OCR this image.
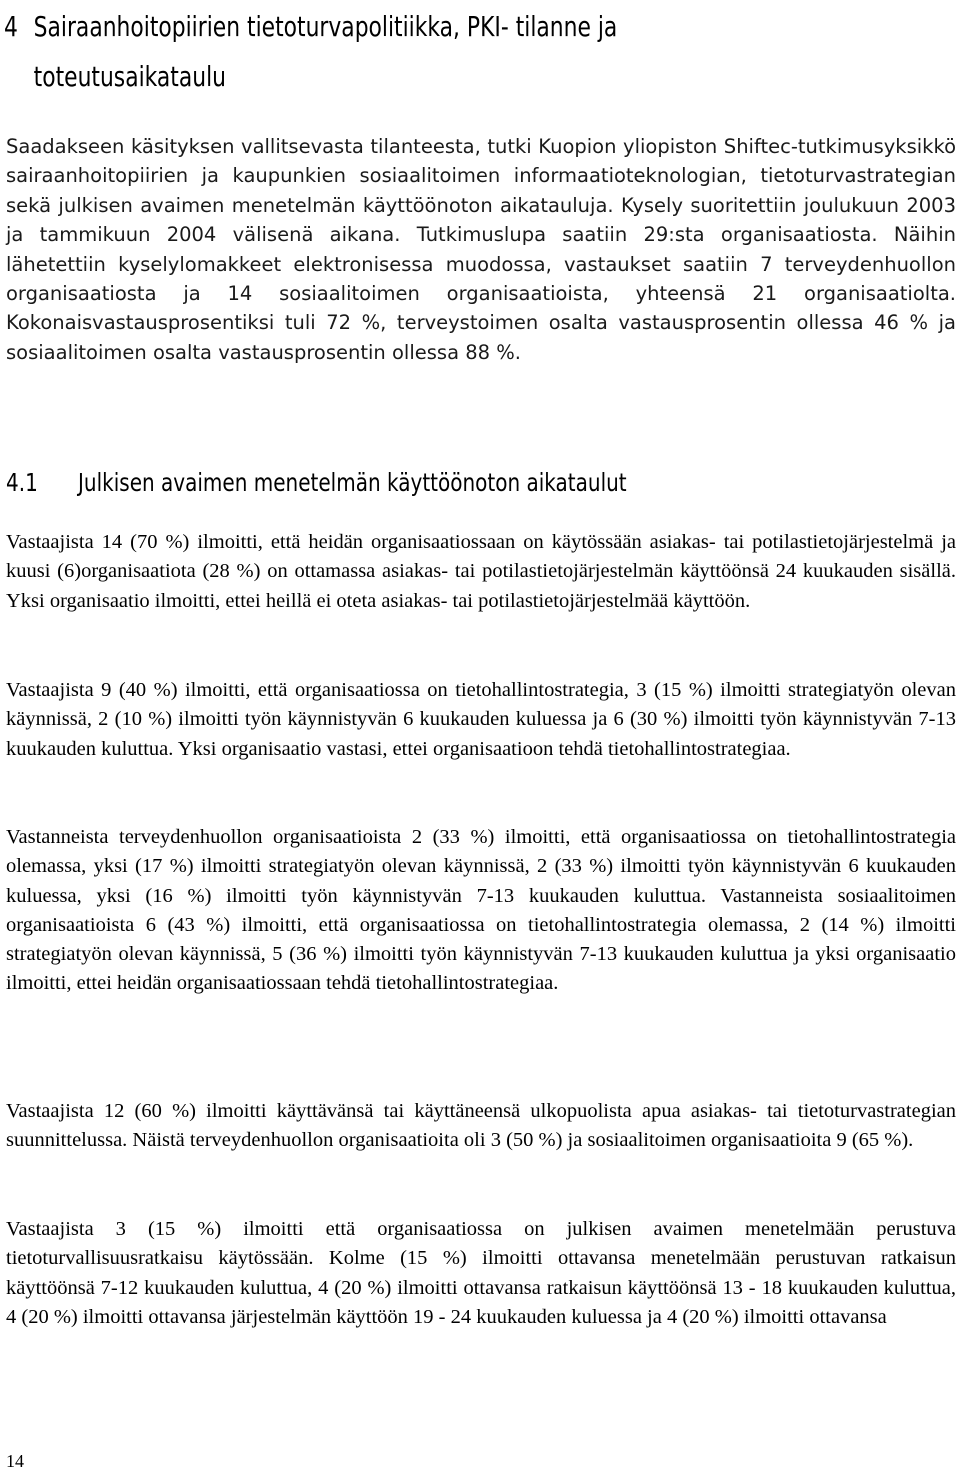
4 Sairaanhoitopiirien tietoturvapolitiikka, PKI- tilanne ja
toteutusaikataulu

Saadakseen käsityksen vallitsevasta tilanteesta, tutki Kuopion yliopiston Shiftec-tutkimusyksikkö sairaanhoitopiirien ja kaupunkien sosiaalitoimen informaatioteknologian, tietoturvastrategian sekä julkisen avaimen menetelmän käyttöönoton aikatauluja. Kysely suoritettiin joulukuun 2003 ja tammikuun 2004 välisenä aikana. Tutkimuslupa saatiin 29:sta organisaatiosta. Näihin lähetettiin kyselylomakkeet elektronisessa muodossa, vastaukset saatiin 7 terveydenhuollon organisaatiosta ja 14 sosiaalitoimen organisaatioista, yhteensä 21 organisaatiolta. Kokonaisvastausprosentiksi tuli 72 %, terveystoimen osalta vastausprosentin ollessa 46 % ja sosiaalitoimen osalta vastausprosentin ollessa 88 %.

4.1 Julkisen avaimen menetelmän käyttöönoton aikataulut

Vastaajista 14 (70 %) ilmoitti, että heidän organisaatiossaan on käytössään asiakas- tai potilastietojärjestelmä ja kuusi (6)organisaatiota (28 %) on ottamassa asiakas- tai potilastietojärjestelmän käyttöönsä 24 kuukauden sisällä. Yksi organisaatio ilmoitti, ettei heillä ei oteta asiakas- tai potilastietojärjestelmää käyttöön.

Vastaajista 9 (40 %) ilmoitti, että organisaatiossa on tietohallintostrategia, 3 (15 %) ilmoitti strategiatyön olevan käynnissä, 2 (10 %) ilmoitti työn käynnistyvän 6 kuukauden kuluessa ja 6 (30 %) ilmoitti työn käynnistyvän 7-13 kuukauden kuluttua. Yksi organisaatio vastasi, ettei organisaatioon tehdä tietohallintostrategiaa.

Vastanneista terveydenhuollon organisaatioista 2 (33 %) ilmoitti, että organisaatiossa on tietohallintostrategia olemassa, yksi (17 %) ilmoitti strategiatyön olevan käynnissä, 2 (33 %) ilmoitti työn käynnistyvän 6 kuukauden kuluessa, yksi (16 %) ilmoitti työn käynnistyvän 7-13 kuukauden kuluttua. Vastanneista sosiaalitoimen organisaatioista 6 (43 %) ilmoitti, että organisaatiossa on tietohallintostrategia olemassa, 2 (14 %) ilmoitti strategiatyön olevan käynnissä, 5 (36 %) ilmoitti työn käynnistyvän 7-13 kuukauden kuluttua ja yksi organisaatio ilmoitti, ettei heidän organisaatiossaan tehdä tietohallintostrategiaa.

Vastaajista 12 (60 %) ilmoitti käyttävänsä tai käyttäneensä ulkopuolista apua asiakas- tai tietoturvastrategian suunnittelussa. Näistä terveydenhuollon organisaatioita oli 3 (50 %) ja sosiaalitoimen organisaatioita 9 (65 %).

Vastaajista 3 (15 %) ilmoitti että organisaatiossa on julkisen avaimen menetelmään perustuva tietoturvallisuusratkaisu käytössään. Kolme (15 %) ilmoitti ottavansa menetelmään perustuvan ratkaisun käyttöönsä 7-12 kuukauden kuluttua, 4 (20 %) ilmoitti ottavansa ratkaisun käyttöönsä 13 - 18 kuukauden kuluttua, 4 (20 %) ilmoitti ottavansa järjestelmän käyttöön 19 - 24 kuukauden kuluessa ja 4 (20 %) ilmoitti ottavansa

14
